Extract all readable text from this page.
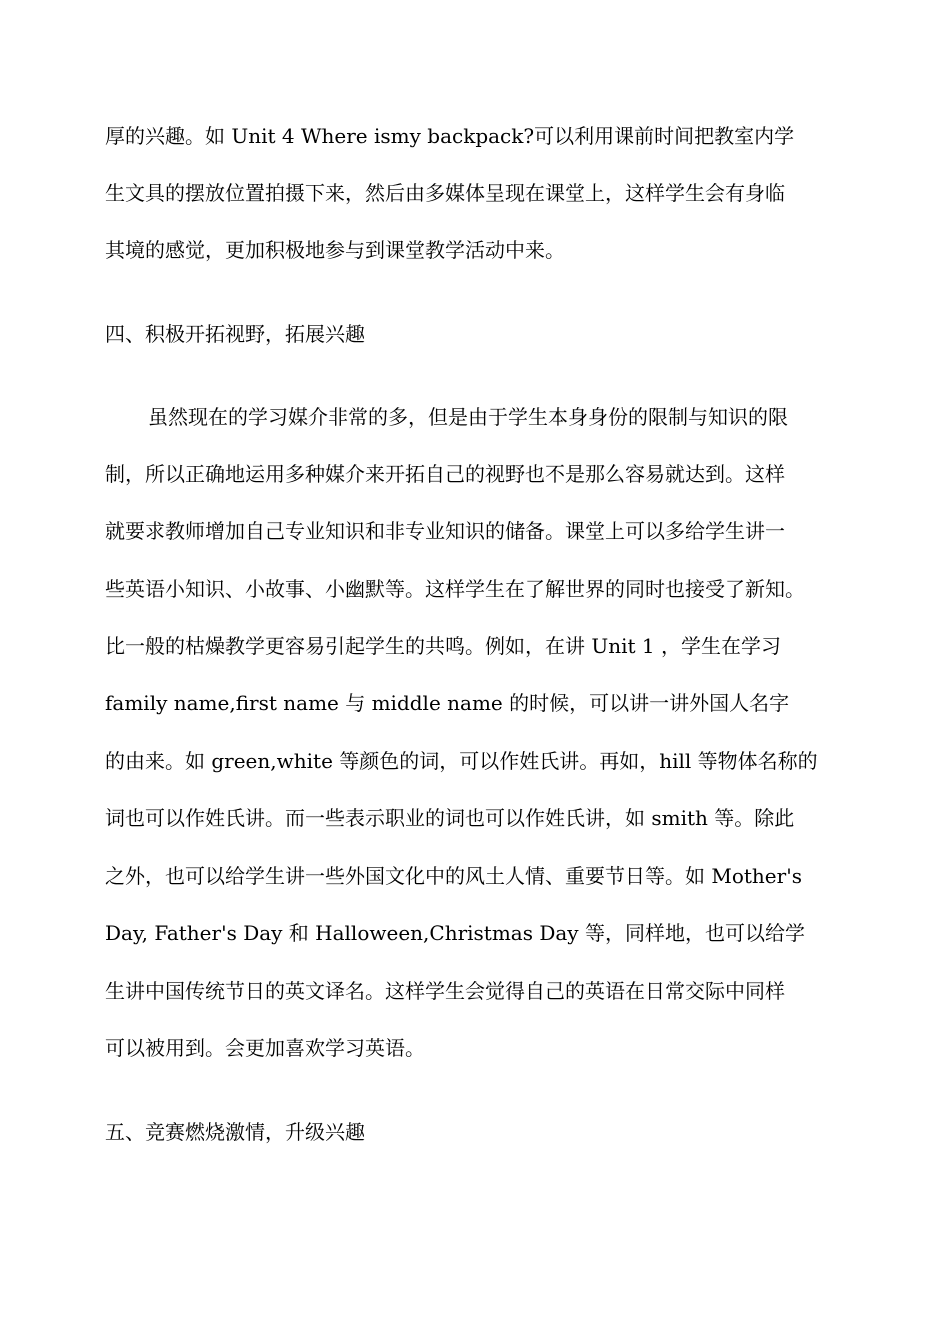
厚的兴趣。如 Unit 4 Where ismy backpack?可以利用课前时间把教室内学
生文具的摆放位置拍摄下来，然后由多媒体呈现在课堂上，这样学生会有身临
其境的感觉，更加积极地参与到课堂教学活动中来。
四、积极开拓视野，拓展兴趣
虽然现在的学习媒介非常的多，但是由于学生本身身份的限制与知识的限
制，所以正确地运用多种媒介来开拓自己的视野也不是那么容易就达到。这样
就要求教师增加自己专业知识和非专业知识的储备。课堂上可以多给学生讲一
些英语小知识、小故事、小幽默等。这样学生在了解世界的同时也接受了新知。
比一般的枯燥教学更容易引起学生的共鸣。例如，在讲 Unit 1 ，学生在学习
family name,first name 与 middle name 的时候，可以讲一讲外国人名字
的由来。如 green,white 等颜色的词，可以作姓氏讲。再如，hill 等物体名称的
词也可以作姓氏讲。而一些表示职业的词也可以作姓氏讲，如 smith 等。除此
之外，也可以给学生讲一些外国文化中的风土人情、重要节日等。如 Mother's
Day, Father's Day 和 Halloween,Christmas Day 等，同样地，也可以给学
生讲中国传统节日的英文译名。这样学生会觉得自己的英语在日常交际中同样
可以被用到。会更加喜欢学习英语。
五、竞赛燃烧激情，升级兴趣
